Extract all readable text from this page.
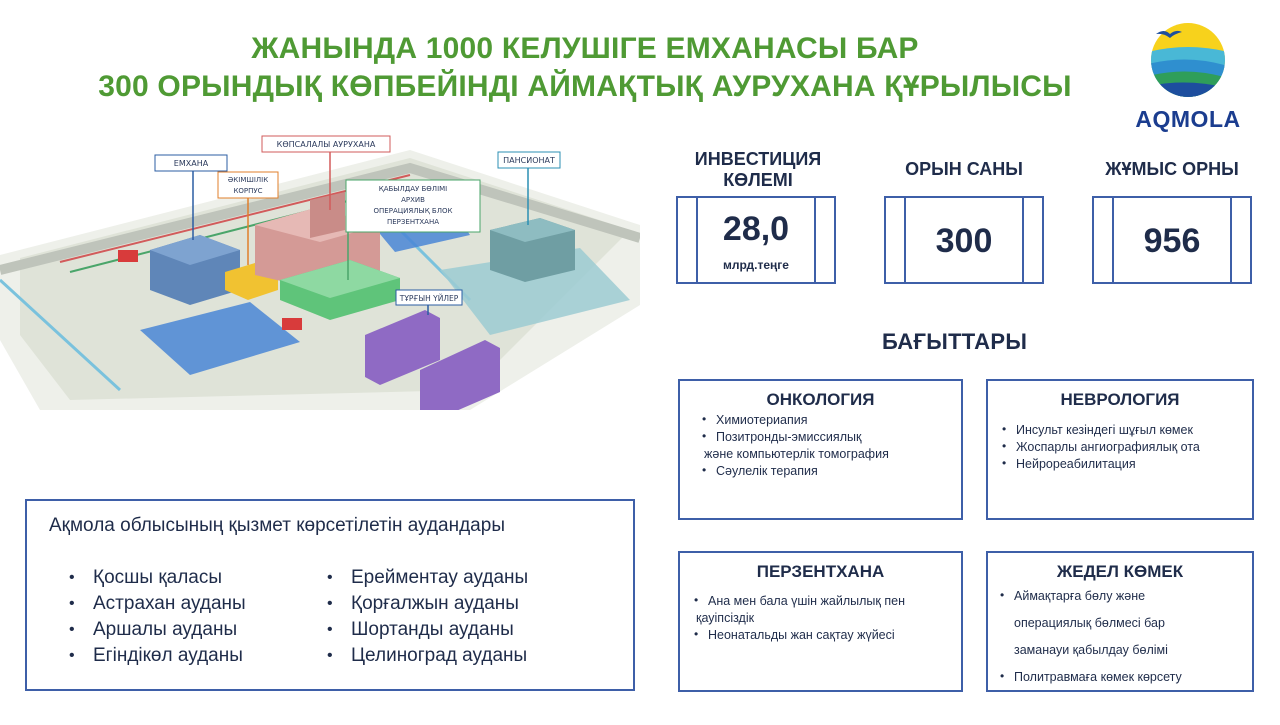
ЖАНЫНДА 1000 КЕЛУШІГЕ ЕМХАНАСЫ БАР
300 ОРЫНДЫҚ КӨПБЕЙІНДІ АЙМАҚТЫҚ АУРУХАНА ҚҰРЫЛЫСЫ
AQMOLA
ЕМХАНА
ӘКІМШІЛІК
КОРПУС
КӨПСАЛАЛЫ АУРУХАНА
ҚАБЫЛДАУ БӨЛІМІ
АРХИВ
ОПЕРАЦИЯЛЫҚ БЛОК
ПЕРЗЕНТХАНА
ПАНСИОНАТ
ТҰРҒЫН ҮЙЛЕР
ИНВЕСТИЦИЯ
КӨЛЕМІ
28,0
млрд.теңге
ОРЫН САНЫ
300
ЖҰМЫС ОРНЫ
956
БАҒЫТТАРЫ
ОНКОЛОГИЯ
• Химиотериапия
• Позитронды-эмиссиялық
және компьютерлік томография
• Сәулелік терапия
НЕВРОЛОГИЯ
• Инсульт кезіндегі шұғыл көмек
• Жоспарлы ангиографиялық ота
• Нейрореабилитация
ПЕРЗЕНТХАНА
• Ана мен бала үшін жайлылық пен
қауіпсіздік
• Неонатальды жан сақтау жүйесі
ЖЕДЕЛ КӨМЕК
• Аймақтарға бөлу және
операциялық бөлмесі бар
заманауи қабылдау бөлімі
• Политравмаға көмек көрсету
Ақмола облысының қызмет көрсетілетін аудандары
• Қосшы қаласы
• Астрахан ауданы
• Аршалы ауданы
• Егіндікөл ауданы
• Ерейментау ауданы
• Қорғалжын ауданы
• Шортанды ауданы
• Целиноград ауданы
